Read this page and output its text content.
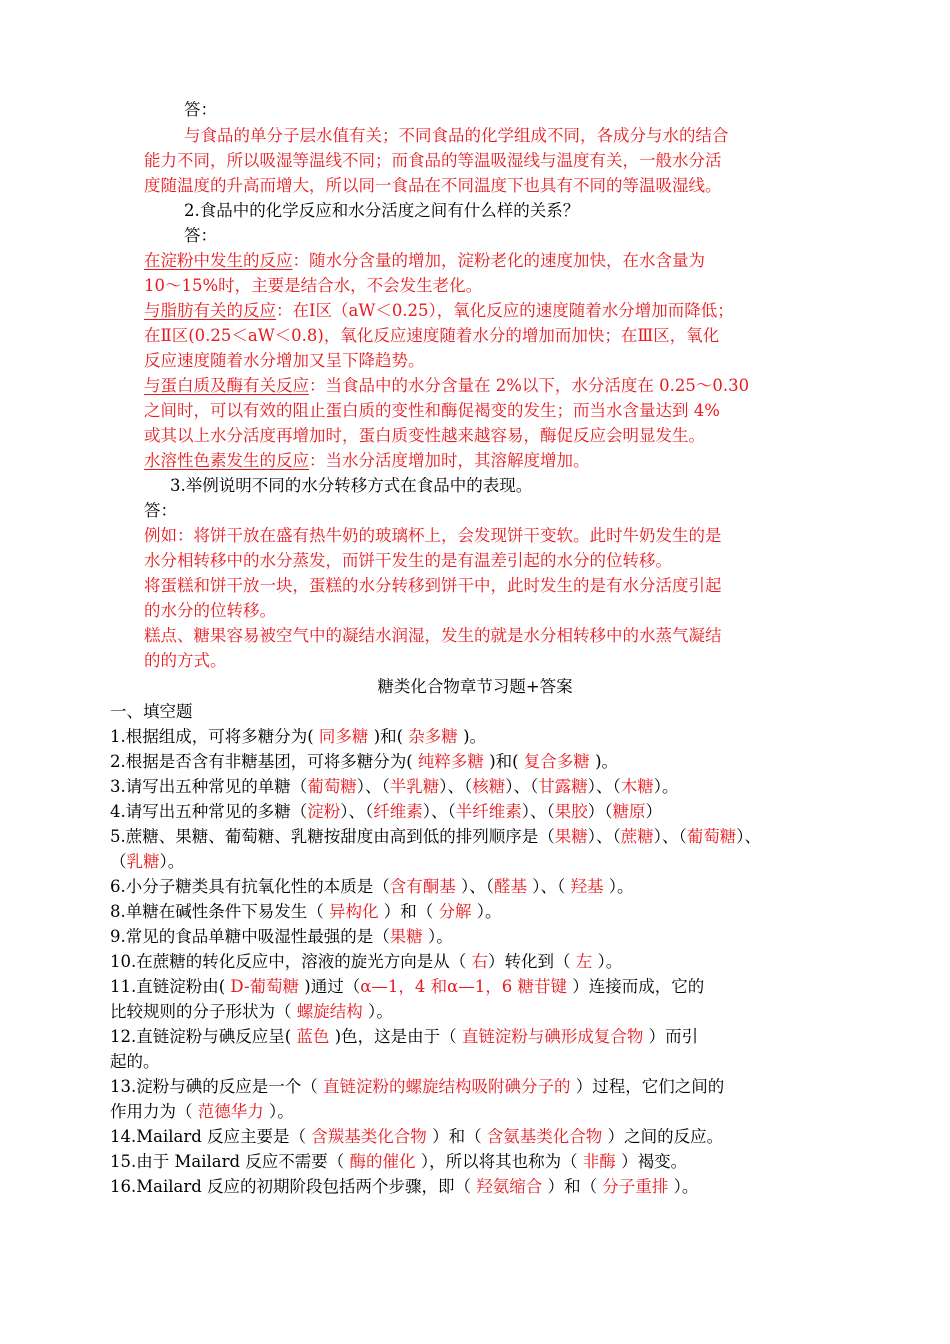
答：
与食品的单分子层水值有关；不同食品的化学组成不同，各成分与水的结合
能力不同，所以吸湿等温线不同；而食品的等温吸湿线与温度有关，一般水分活
度随温度的升高而增大，所以同一食品在不同温度下也具有不同的等温吸湿线。
2.食品中的化学反应和水分活度之间有什么样的关系？
答：
在淀粉中发生的反应：随水分含量的增加，淀粉老化的速度加快，在水含量为
10～15%时，主要是结合水，不会发生老化。
与脂肪有关的反应：在Ⅰ区（aW＜0.25），氧化反应的速度随着水分增加而降低；
在Ⅱ区(0.25＜aW＜0.8)，氧化反应速度随着水分的增加而加快；在Ⅲ区，氧化
反应速度随着水分增加又呈下降趋势。
与蛋白质及酶有关反应：当食品中的水分含量在 2%以下，水分活度在 0.25～0.30
之间时，可以有效的阻止蛋白质的变性和酶促褐变的发生；而当水含量达到 4%
或其以上水分活度再增加时，蛋白质变性越来越容易，酶促反应会明显发生。
水溶性色素发生的反应：当水分活度增加时，其溶解度增加。
3.举例说明不同的水分转移方式在食品中的表现。
答：
例如：将饼干放在盛有热牛奶的玻璃杯上，会发现饼干变软。此时牛奶发生的是
水分相转移中的水分蒸发，而饼干发生的是有温差引起的水分的位转移。
将蛋糕和饼干放一块，蛋糕的水分转移到饼干中，此时发生的是有水分活度引起
的水分的位转移。
糕点、糖果容易被空气中的凝结水润湿，发生的就是水分相转移中的水蒸气凝结
的的方式。
糖类化合物章节习题+答案
一、填空题
1.根据组成，可将多糖分为( 同多糖 )和( 杂多糖 )。
2.根据是否含有非糖基团，可将多糖分为( 纯粹多糖 )和( 复合多糖 )。
3.请写出五种常见的单糖（葡萄糖）、（半乳糖）、（核糖）、（甘露糖）、（木糖）。
4.请写出五种常见的多糖（淀粉）、（纤维素）、（半纤维素）、（果胶）（糖原）
5.蔗糖、果糖、葡萄糖、乳糖按甜度由高到低的排列顺序是（果糖）、（蔗糖）、（葡萄糖）、
（乳糖）。
6.小分子糖类具有抗氧化性的本质是（含有酮基 ）、（醛基 ）、（ 羟基 ）。
8.单糖在碱性条件下易发生（ 异构化 ）和（ 分解 ）。
9.常见的食品单糖中吸湿性最强的是（果糖 ）。
10.在蔗糖的转化反应中，溶液的旋光方向是从（ 右）转化到（ 左 ）。
11.直链淀粉由( D-葡萄糖 )通过（α—1，4 和α—1，6 糖苷键 ）连接而成，它的
比较规则的分子形状为（ 螺旋结构 ）。
12.直链淀粉与碘反应呈( 蓝色 )色，这是由于（ 直链淀粉与碘形成复合物 ）而引
起的。
13.淀粉与碘的反应是一个（ 直链淀粉的螺旋结构吸附碘分子的 ）过程，它们之间的
作用力为（ 范德华力 ）。
14.Mailard 反应主要是（ 含羰基类化合物 ）和（ 含氨基类化合物 ）之间的反应。
15.由于 Mailard 反应不需要（ 酶的催化 ），所以将其也称为（ 非酶 ）褐变。
16.Mailard 反应的初期阶段包括两个步骤，即（ 羟氨缩合 ）和（ 分子重排 ）。
